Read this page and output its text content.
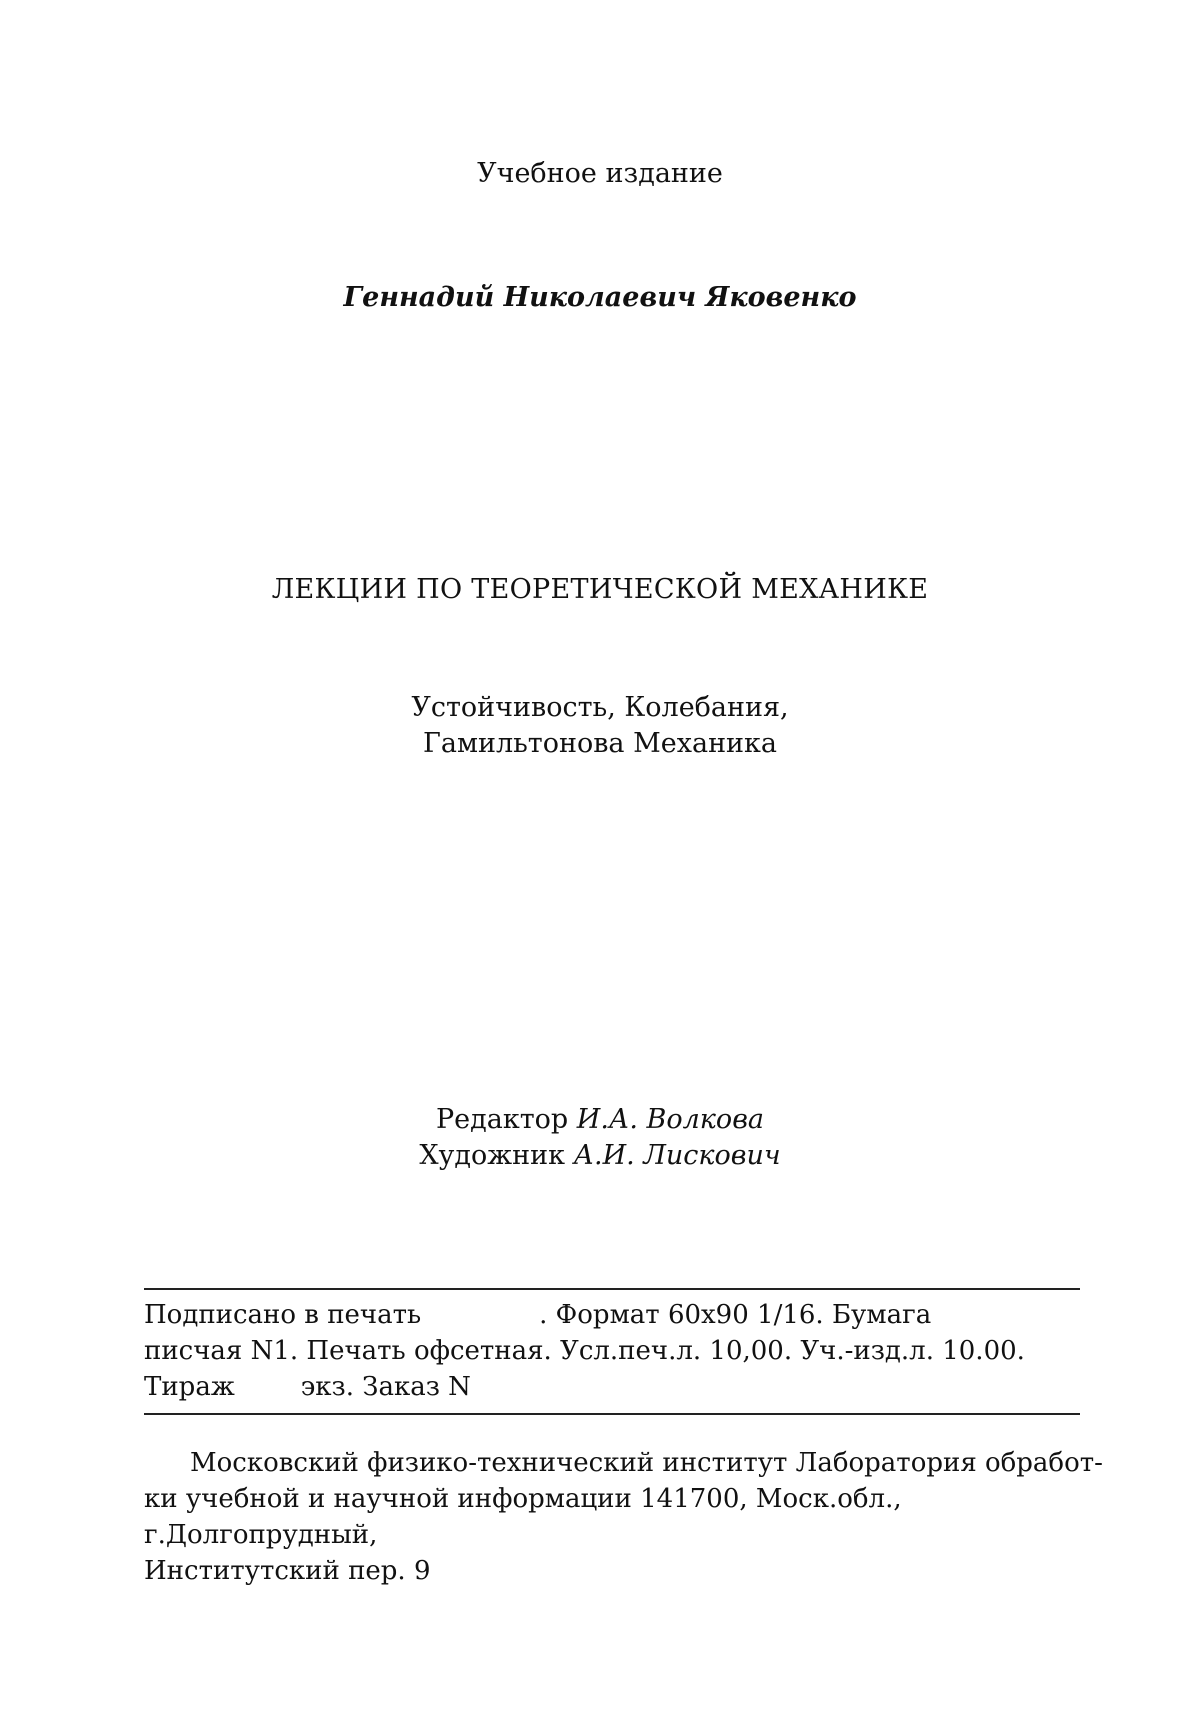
Учебное издание
Геннадий Николаевич Яковенко
ЛЕКЦИИ ПО ТЕОРЕТИЧЕСКОЙ МЕХАНИКЕ
Устойчивость, Колебания,
Гамильтонова Механика
Редактор И.А. Волкова
Художник А.И. Лискович
Подписано в печать	. Формат 60x90 1/16. Бумага
писчая N1. Печать офсетная. Усл.печ.л. 10,00. Уч.-изд.л. 10.00.
Тираж	экз. Заказ N
Московский физико-технический институт Лаборатория обработ-
ки учебной и научной информации 141700, Моск.обл., г.Долгопрудный,
Институтский пер. 9
